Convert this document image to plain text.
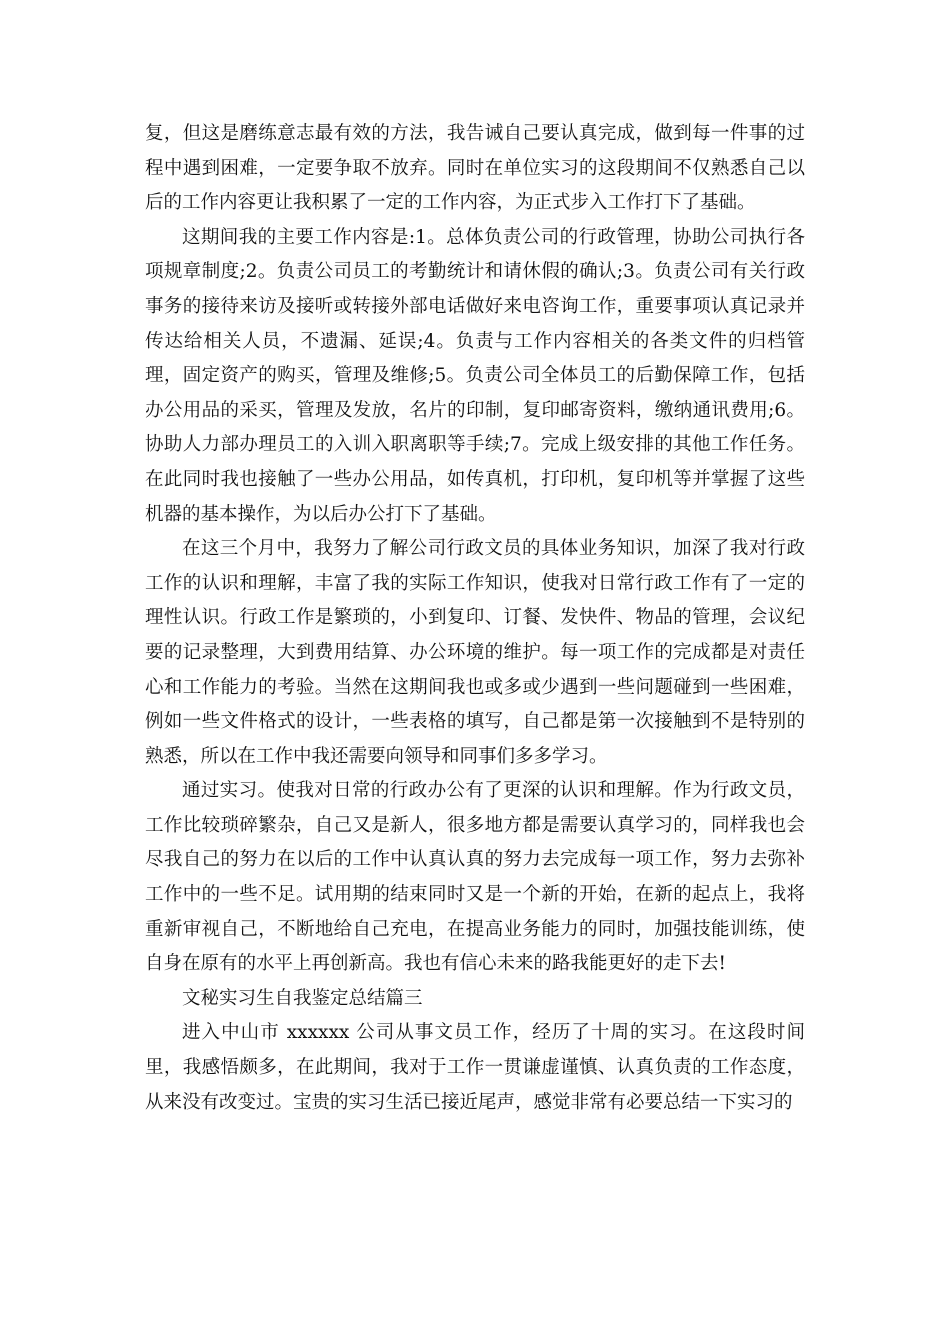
复，但这是磨练意志最有效的方法，我告诫自己要认真完成，做到每一件事的过程中遇到困难，一定要争取不放弃。同时在单位实习的这段期间不仅熟悉自己以后的工作内容更让我积累了一定的工作内容，为正式步入工作打下了基础。

这期间我的主要工作内容是:1。总体负责公司的行政管理，协助公司执行各项规章制度;2。负责公司员工的考勤统计和请休假的确认;3。负责公司有关行政事务的接待来访及接听或转接外部电话做好来电咨询工作，重要事项认真记录并传达给相关人员，不遗漏、延误;4。负责与工作内容相关的各类文件的归档管理，固定资产的购买，管理及维修;5。负责公司全体员工的后勤保障工作，包括办公用品的采买，管理及发放，名片的印制，复印邮寄资料，缴纳通讯费用;6。协助人力部办理员工的入训入职离职等手续;7。完成上级安排的其他工作任务。在此同时我也接触了一些办公用品，如传真机，打印机，复印机等并掌握了这些机器的基本操作，为以后办公打下了基础。

在这三个月中，我努力了解公司行政文员的具体业务知识，加深了我对行政工作的认识和理解，丰富了我的实际工作知识，使我对日常行政工作有了一定的理性认识。行政工作是繁琐的，小到复印、订餐、发快件、物品的管理，会议纪要的记录整理，大到费用结算、办公环境的维护。每一项工作的完成都是对责任心和工作能力的考验。当然在这期间我也或多或少遇到一些问题碰到一些困难，例如一些文件格式的设计，一些表格的填写，自己都是第一次接触到不是特别的熟悉，所以在工作中我还需要向领导和同事们多多学习。

通过实习。使我对日常的行政办公有了更深的认识和理解。作为行政文员，工作比较琐碎繁杂，自己又是新人，很多地方都是需要认真学习的，同样我也会尽我自己的努力在以后的工作中认真认真的努力去完成每一项工作，努力去弥补工作中的一些不足。试用期的结束同时又是一个新的开始，在新的起点上，我将重新审视自己，不断地给自己充电，在提高业务能力的同时，加强技能训练，使自身在原有的水平上再创新高。我也有信心未来的路我能更好的走下去!

文秘实习生自我鉴定总结篇三

进入中山市 xxxxxx 公司从事文员工作，经历了十周的实习。在这段时间里，我感悟颇多，在此期间，我对于工作一贯谦虚谨慎、认真负责的工作态度，从来没有改变过。宝贵的实习生活已接近尾声，感觉非常有必要总结一下实习的
